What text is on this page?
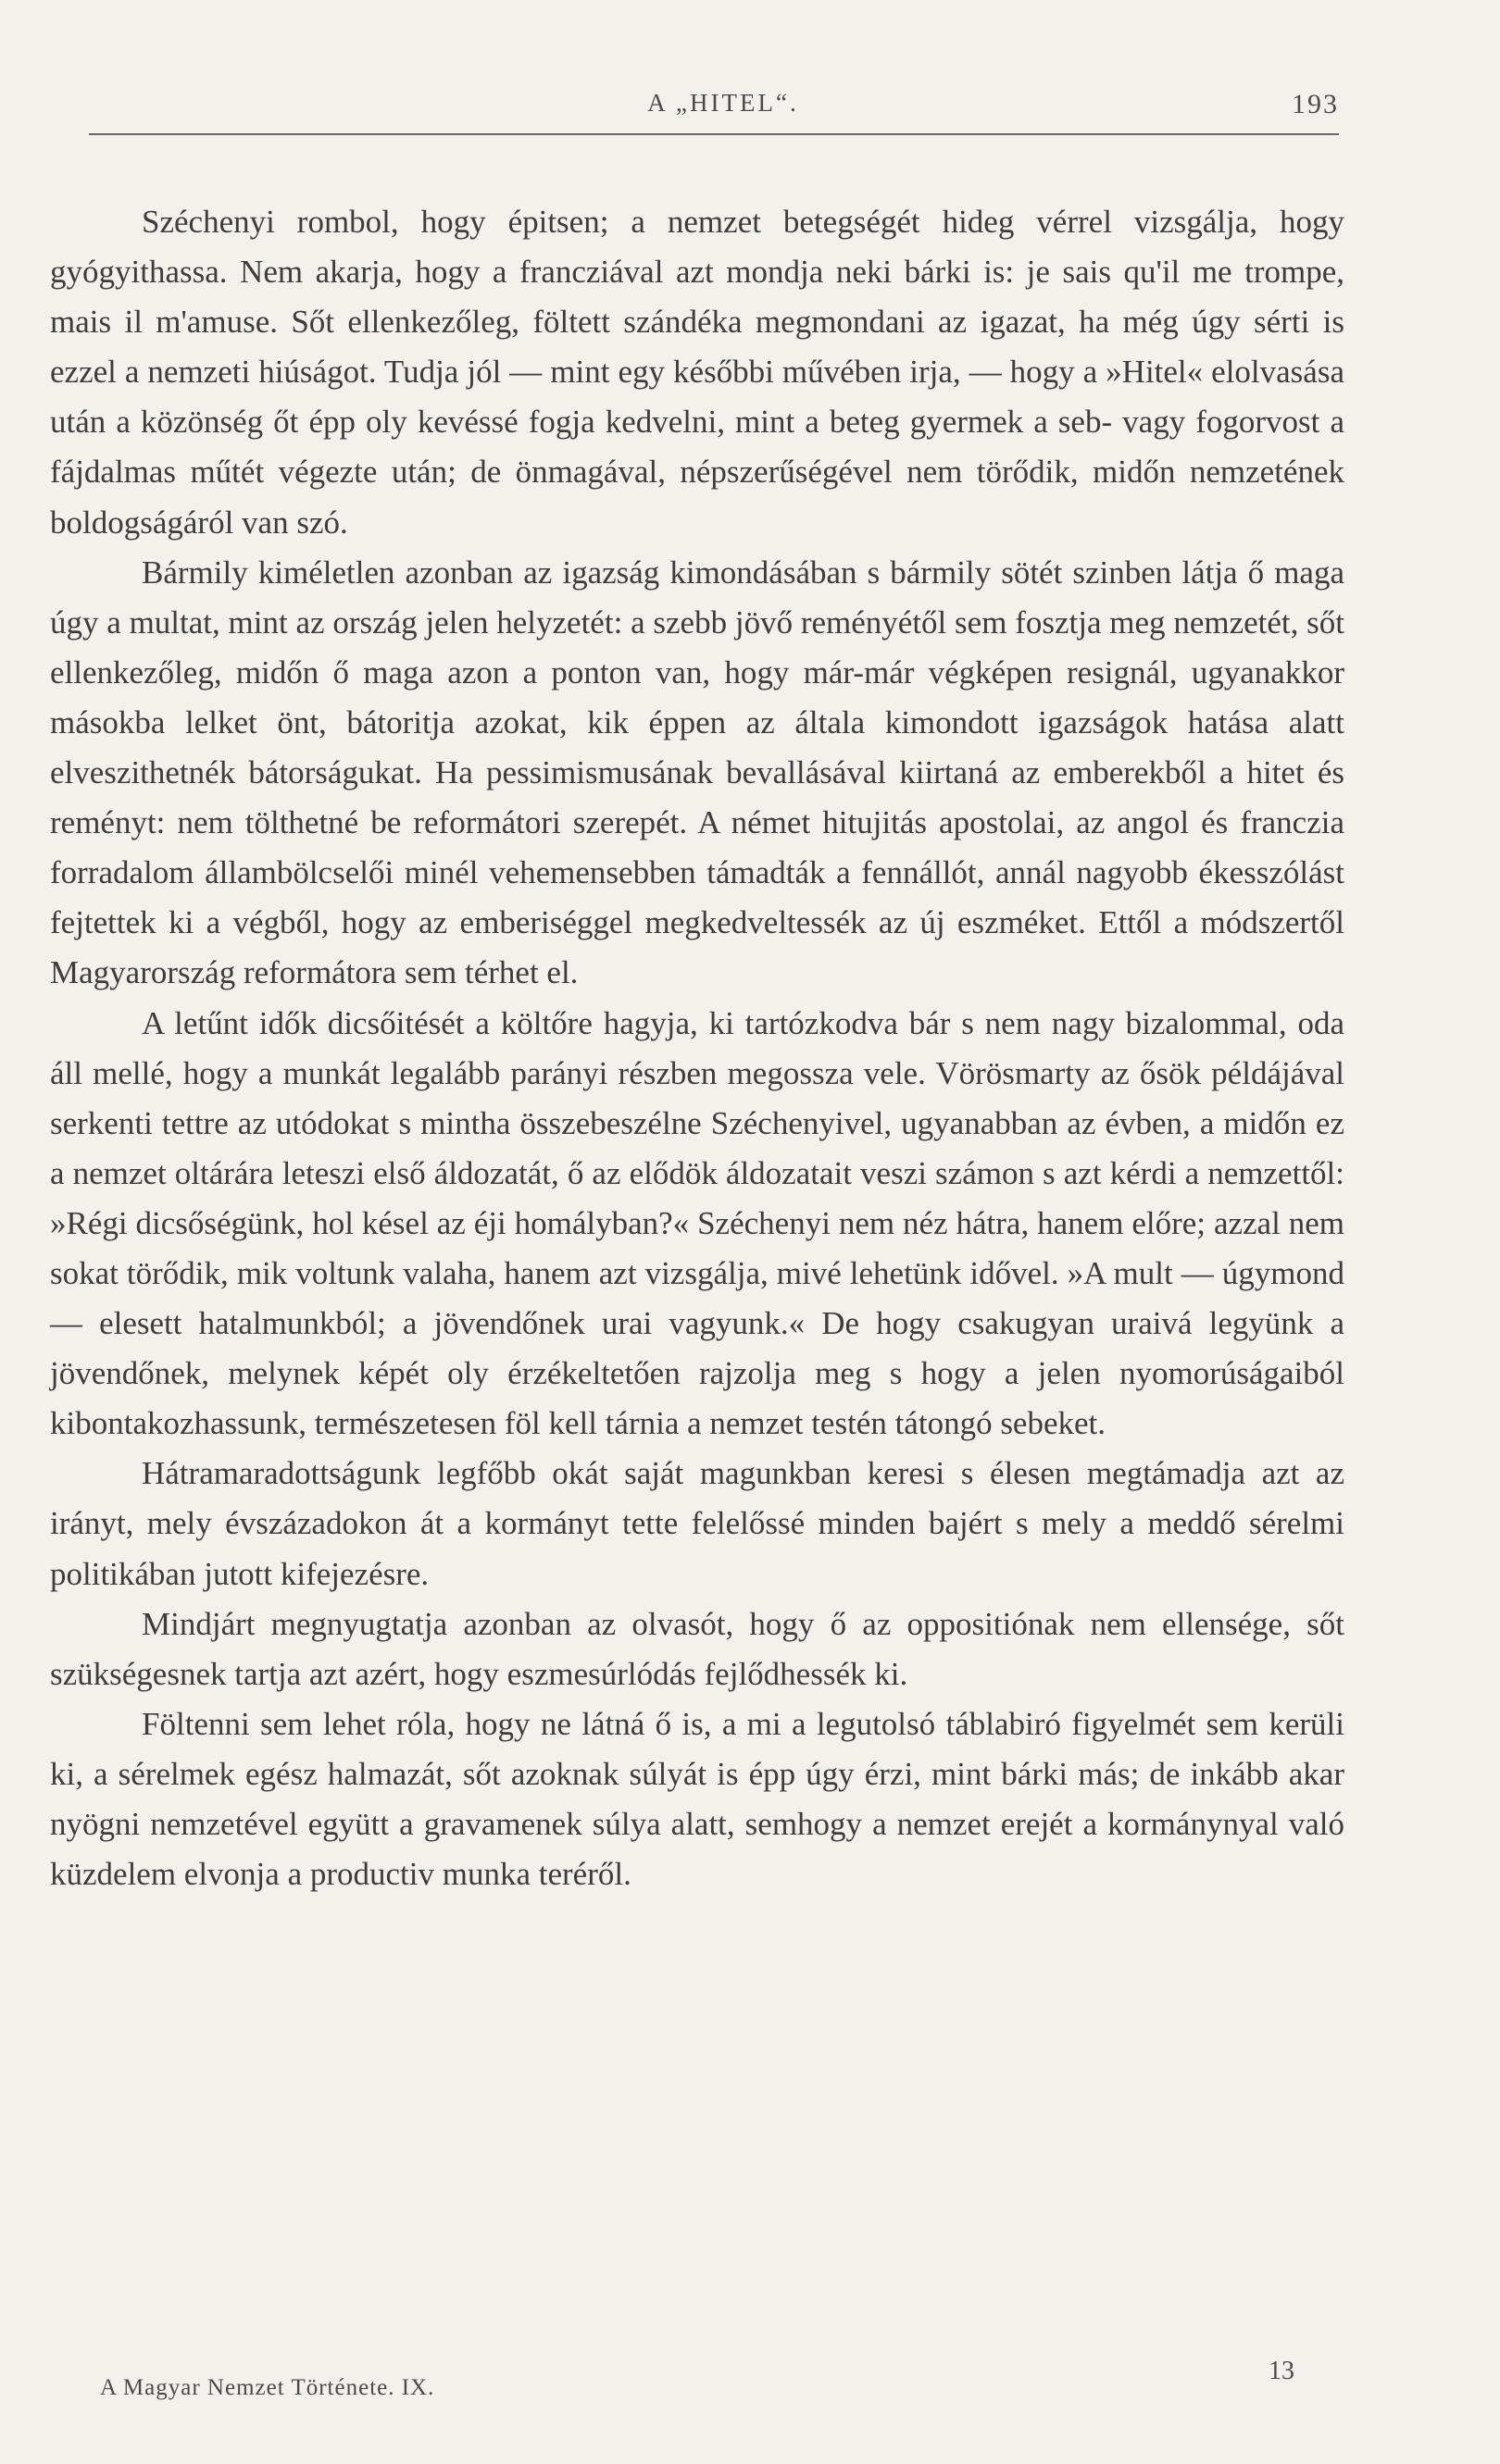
A „HITEL“.	193

Széchenyi rombol, hogy épitsen; a nemzet betegségét hideg vérrel vizsgálja, hogy gyógyithassa. Nem akarja, hogy a francziával azt mondja neki bárki is: je sais qu'il me trompe, mais il m'amuse. Sőt ellenkezőleg, föltett szándéka megmondani az igazat, ha még úgy sérti is ezzel a nemzeti hiúságot. Tudja jól — mint egy későbbi művében irja, — hogy a »Hitel« elolvasása után a közönség őt épp oly kevéssé fogja kedvelni, mint a beteg gyermek a seb- vagy fogorvost a fájdalmas műtét végezte után; de önmagával, népszerűségével nem törődik, midőn nemzetének boldogságáról van szó.

Bármily kiméletlen azonban az igazság kimondásában s bármily sötét szinben látja ő maga úgy a multat, mint az ország jelen helyzetét: a szebb jövő reményétől sem fosztja meg nemzetét, sőt ellenkezőleg, midőn ő maga azon a ponton van, hogy már-már végképen resignál, ugyanakkor másokba lelket önt, bátoritja azokat, kik éppen az általa kimondott igazságok hatása alatt elveszithetnék bátorságukat. Ha pessimismusának bevallásával kiirtaná az emberekből a hitet és reményt: nem tölthetné be reformátori szerepét. A német hitujitás apostolai, az angol és franczia forradalom állambölcselői minél vehemensebben támadták a fennállót, annál nagyobb ékesszólást fejtettek ki a végből, hogy az emberiséggel megkedveltessék az új eszméket. Ettől a módszertől Magyarország reformátora sem térhet el.

A letűnt idők dicsőitését a költőre hagyja, ki tartózkodva bár s nem nagy bizalommal, oda áll mellé, hogy a munkát legalább parányi részben megossza vele. Vörösmarty az ősök példájával serkenti tettre az utódokat s mintha összebeszélne Széchenyivel, ugyanabban az évben, a midőn ez a nemzet oltárára leteszi első áldozatát, ő az elődök áldozatait veszi számon s azt kérdi a nemzettől: »Régi dicsőségünk, hol késel az éji homályban?« Széchenyi nem néz hátra, hanem előre; azzal nem sokat törődik, mik voltunk valaha, hanem azt vizsgálja, mivé lehetünk idővel. »A mult — úgymond — elesett hatalmunkból; a jövendőnek urai vagyunk.« De hogy csakugyan uraivá legyünk a jövendőnek, melynek képét oly érzékeltetően rajzolja meg s hogy a jelen nyomorúságaiból kibontakozhassunk, természetesen föl kell tárnia a nemzet testén tátongó sebeket.

Hátramaradottságunk legfőbb okát saját magunkban keresi s élesen megtámadja azt az irányt, mely évszázadokon át a kormányt tette felelőssé minden bajért s mely a meddő sérelmi politikában jutott kifejezésre.

Mindjárt megnyugtatja azonban az olvasót, hogy ő az oppositiónak nem ellensége, sőt szükségesnek tartja azt azért, hogy eszmesúrlódás fejlődhessék ki.

Föltenni sem lehet róla, hogy ne látná ő is, a mi a legutolsó táblabiró figyelmét sem kerüli ki, a sérelmek egész halmazát, sőt azoknak súlyát is épp úgy érzi, mint bárki más; de inkább akar nyögni nemzetével együtt a gravamenek súlya alatt, semhogy a nemzet erejét a kormánynyal való küzdelem elvonja a productiv munka teréről.

A Magyar Nemzet Története. IX.
13
